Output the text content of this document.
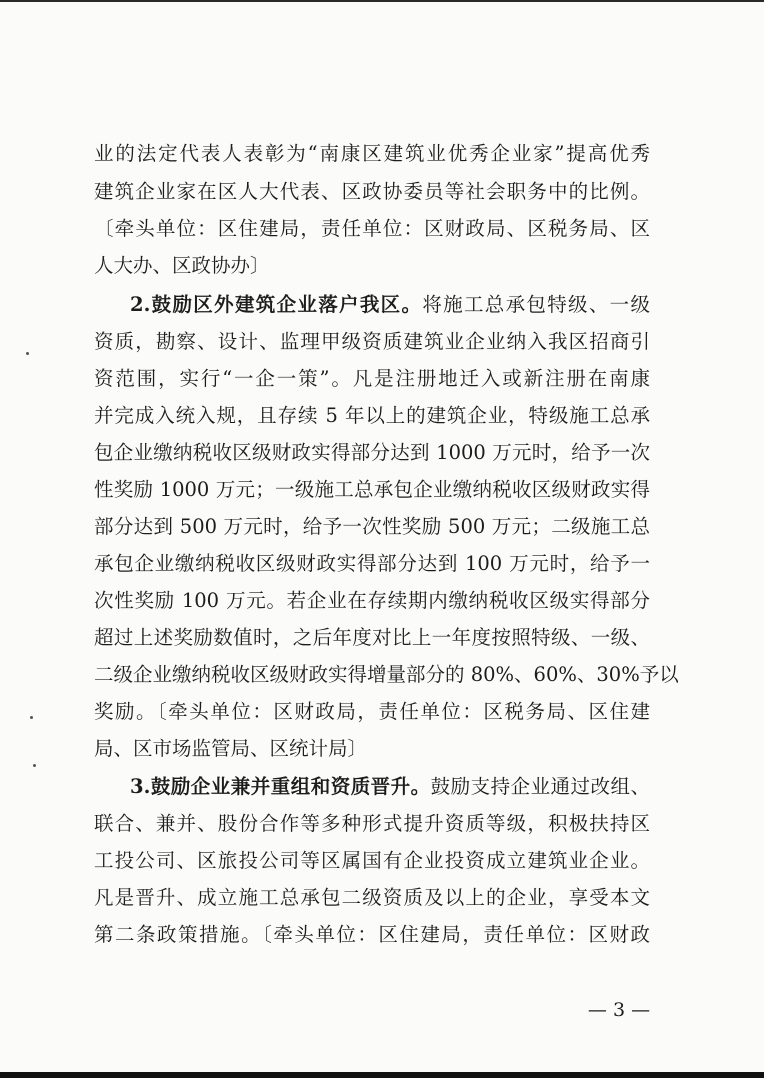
业的法定代表人表彰为“南康区建筑业优秀企业家”提高优秀
建筑企业家在区人大代表、区政协委员等社会职务中的比例。
〔牵头单位：区住建局，责任单位：区财政局、区税务局、区
人大办、区政协办〕
2.鼓励区外建筑企业落户我区。将施工总承包特级、一级
资质，勘察、设计、监理甲级资质建筑业企业纳入我区招商引
资范围，实行“一企一策”。凡是注册地迁入或新注册在南康
并完成入统入规，且存续 5 年以上的建筑企业，特级施工总承
包企业缴纳税收区级财政实得部分达到 1000 万元时，给予一次
性奖励 1000 万元；一级施工总承包企业缴纳税收区级财政实得
部分达到 500 万元时，给予一次性奖励 500 万元；二级施工总
承包企业缴纳税收区级财政实得部分达到 100 万元时，给予一
次性奖励 100 万元。若企业在存续期内缴纳税收区级实得部分
超过上述奖励数值时，之后年度对比上一年度按照特级、一级、
二级企业缴纳税收区级财政实得增量部分的 80%、60%、30%予以
奖励。〔牵头单位：区财政局，责任单位：区税务局、区住建
局、区市场监管局、区统计局〕
3.鼓励企业兼并重组和资质晋升。鼓励支持企业通过改组、
联合、兼并、股份合作等多种形式提升资质等级，积极扶持区
工投公司、区旅投公司等区属国有企业投资成立建筑业企业。
凡是晋升、成立施工总承包二级资质及以上的企业，享受本文
第二条政策措施。〔牵头单位：区住建局，责任单位：区财政
— 3 —
